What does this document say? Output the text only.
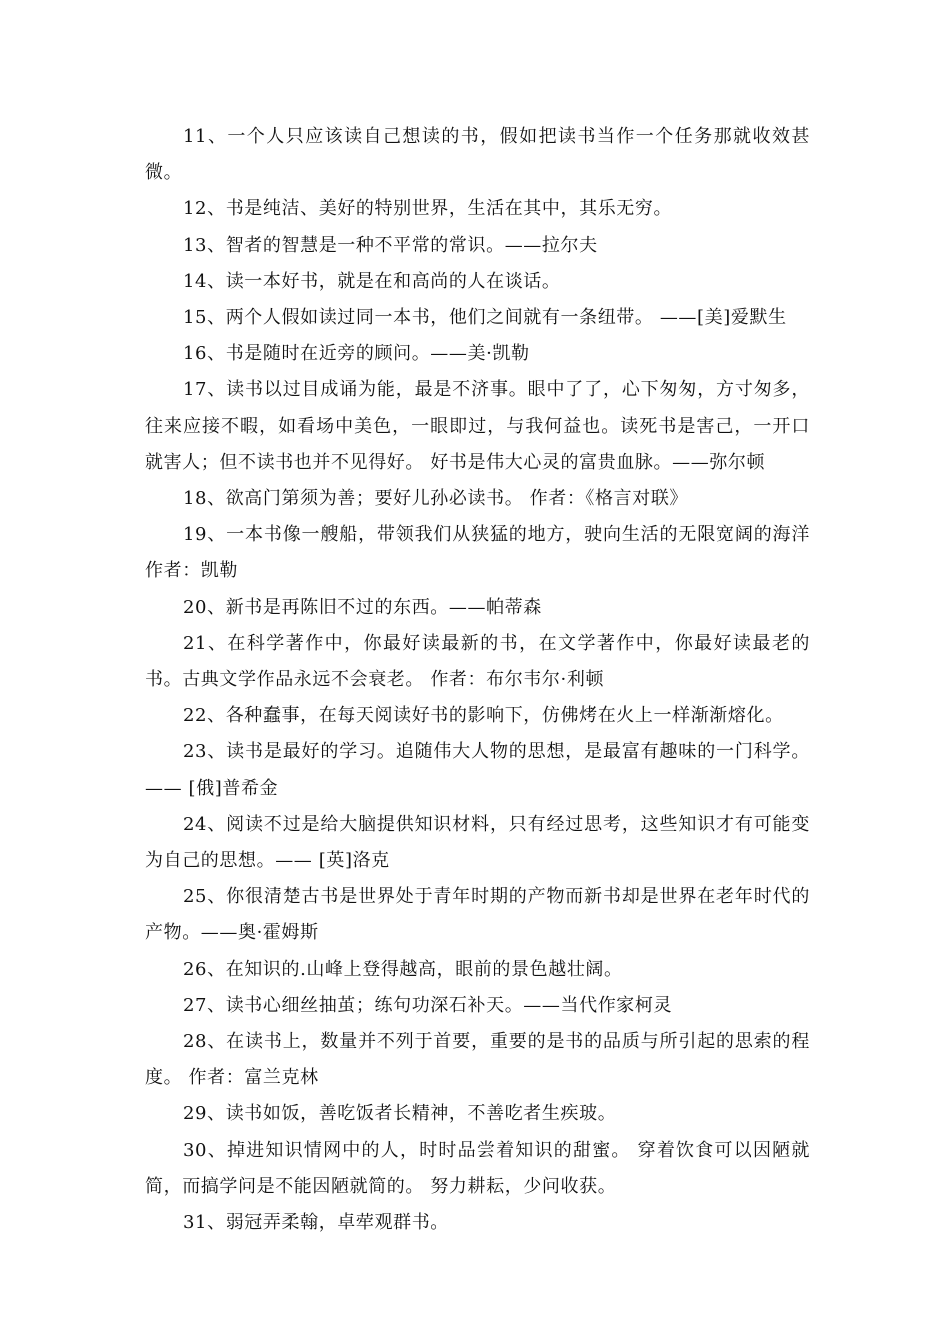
11、一个人只应该读自己想读的书，假如把读书当作一个任务那就收效甚微。

12、书是纯洁、美好的特别世界，生活在其中，其乐无穷。

13、智者的智慧是一种不平常的常识。——拉尔夫

14、读一本好书，就是在和高尚的人在谈话。

15、两个人假如读过同一本书，他们之间就有一条纽带。 ——[美]爱默生

16、书是随时在近旁的顾问。——美·凯勒

17、读书以过目成诵为能，最是不济事。眼中了了，心下匆匆，方寸匆多，往来应接不暇，如看场中美色，一眼即过，与我何益也。读死书是害己，一开口就害人；但不读书也并不见得好。 好书是伟大心灵的富贵血脉。——弥尔顿

18、欲高门第须为善；要好儿孙必读书。 作者：《格言对联》

19、一本书像一艘船，带领我们从狭猛的地方，驶向生活的无限宽阔的海洋 作者：凯勒

20、新书是再陈旧不过的东西。——帕蒂森

21、在科学著作中，你最好读最新的书，在文学著作中，你最好读最老的书。古典文学作品永远不会衰老。 作者：布尔韦尔·利顿

22、各种蠢事，在每天阅读好书的影响下，仿佛烤在火上一样渐渐熔化。

23、读书是最好的学习。追随伟大人物的思想，是最富有趣味的一门科学。—— [俄]普希金

24、阅读不过是给大脑提供知识材料，只有经过思考，这些知识才有可能变为自己的思想。—— [英]洛克

25、你很清楚古书是世界处于青年时期的产物而新书却是世界在老年时代的产物。——奥·霍姆斯

26、在知识的.山峰上登得越高，眼前的景色越壮阔。

27、读书心细丝抽茧；练句功深石补天。——当代作家柯灵

28、在读书上，数量并不列于首要，重要的是书的品质与所引起的思索的程度。 作者：富兰克林

29、读书如饭，善吃饭者长精神，不善吃者生疾玻。

30、掉进知识情网中的人，时时品尝着知识的甜蜜。 穿着饮食可以因陋就简，而搞学问是不能因陋就简的。 努力耕耘，少问收获。

31、弱冠弄柔翰，卓荦观群书。
